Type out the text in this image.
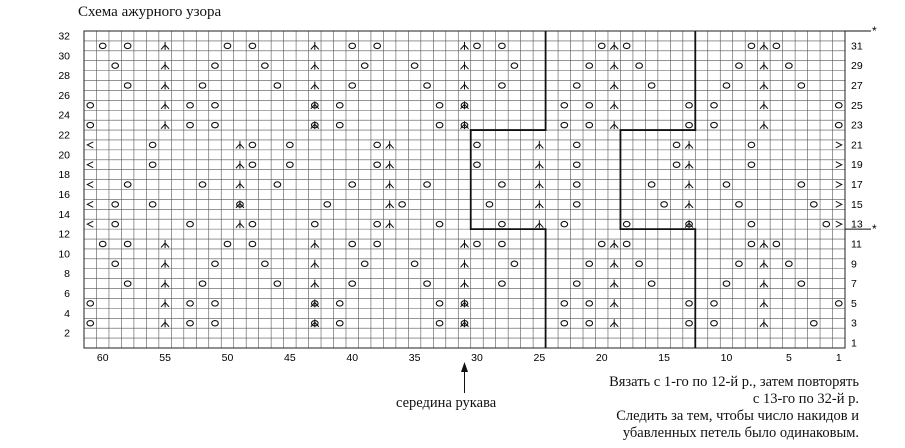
Схема ажурного узора
2
4
6
8
10
12
14
16
18
20
22
24
26
28
30
32
1
3
5
7
9
11
13
15
17
19
21
23
25
27
29
31
60	55	50	45	40	35	30	25	20	15	10	5	1
*
*
середина рукава
Вязать с 1-го по 12-й р., затем повторять
с 13-го по 32-й р.
Следить за тем, чтобы число накидов и
убавленных петель было одинаковым.
